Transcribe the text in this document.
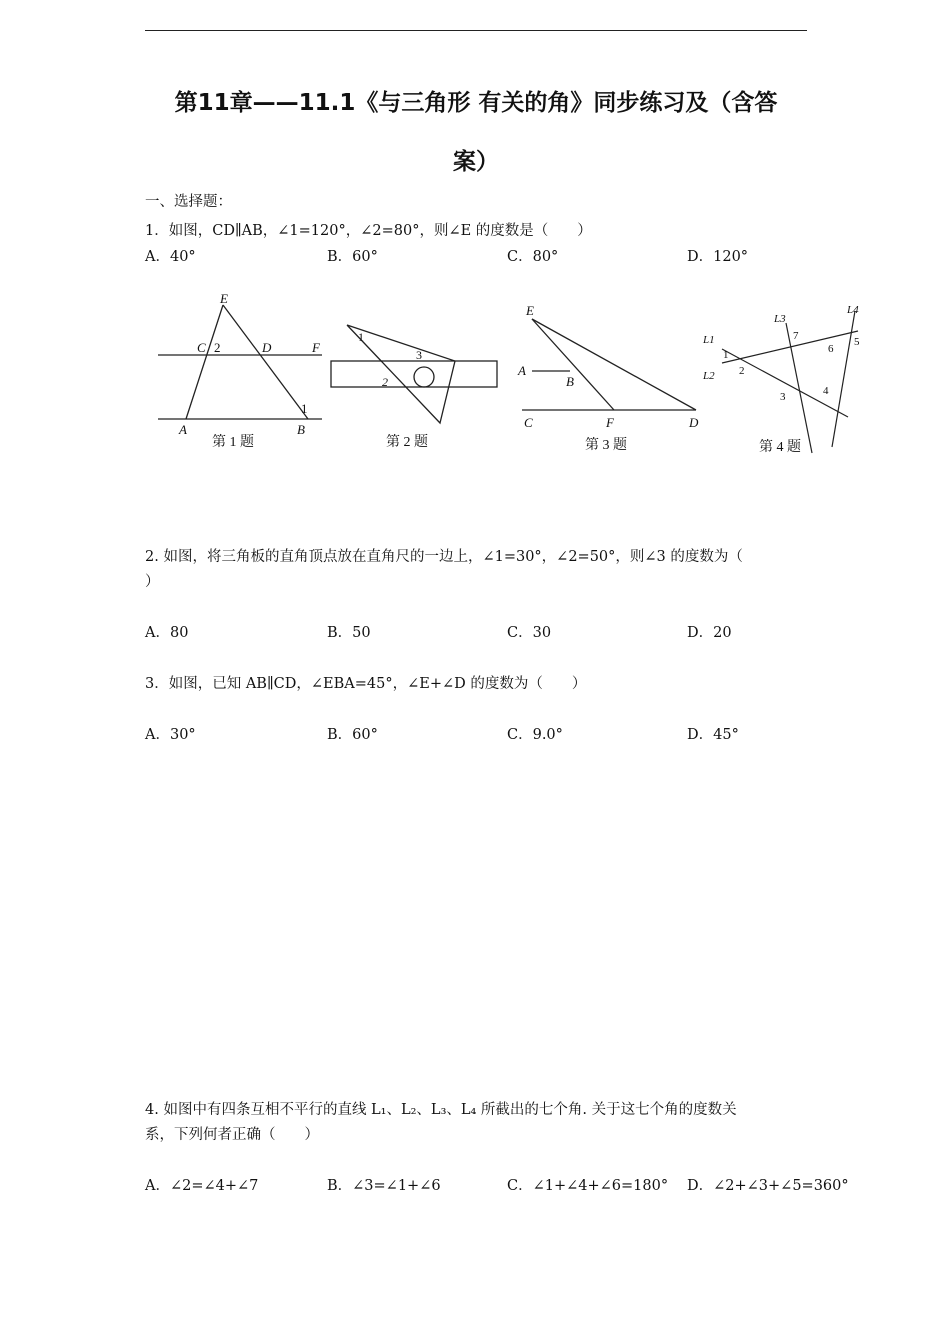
第11章——11.1《与三角形 有关的角》同步练习及（含答
案）
一、选择题：
1．如图，CD∥AB，∠1=120°，∠2=80°，则∠E 的度数是（　　）
A．40°	B．60°	C．80°	D．120°
E
C 2	D	F
A	B
1
第 1 题
1
3
2
第 2 题
E
A
B
C	F	D
第 3 题
L1
L2
L3
L4
1
2
3	4
5
6
7
第 4 题
2. 如图，将三角板的直角顶点放在直角尺的一边上，∠1=30°，∠2=50°，则∠3 的度数为（
）
A．80	B．50	C．30	D．20
3．如图，已知 AB∥CD，∠EBA=45°，∠E+∠D 的度数为（　　）
A．30°	B．60°	C．9.0°	D．45°
4. 如图中有四条互相不平行的直线 L₁、L₂、L₃、L₄ 所截出的七个角. 关于这七个角的度数关
系，下列何者正确（　　）
A．∠2=∠4+∠7	B．∠3=∠1+∠6	C．∠1+∠4+∠6=180° D．∠2+∠3+∠5=360°
